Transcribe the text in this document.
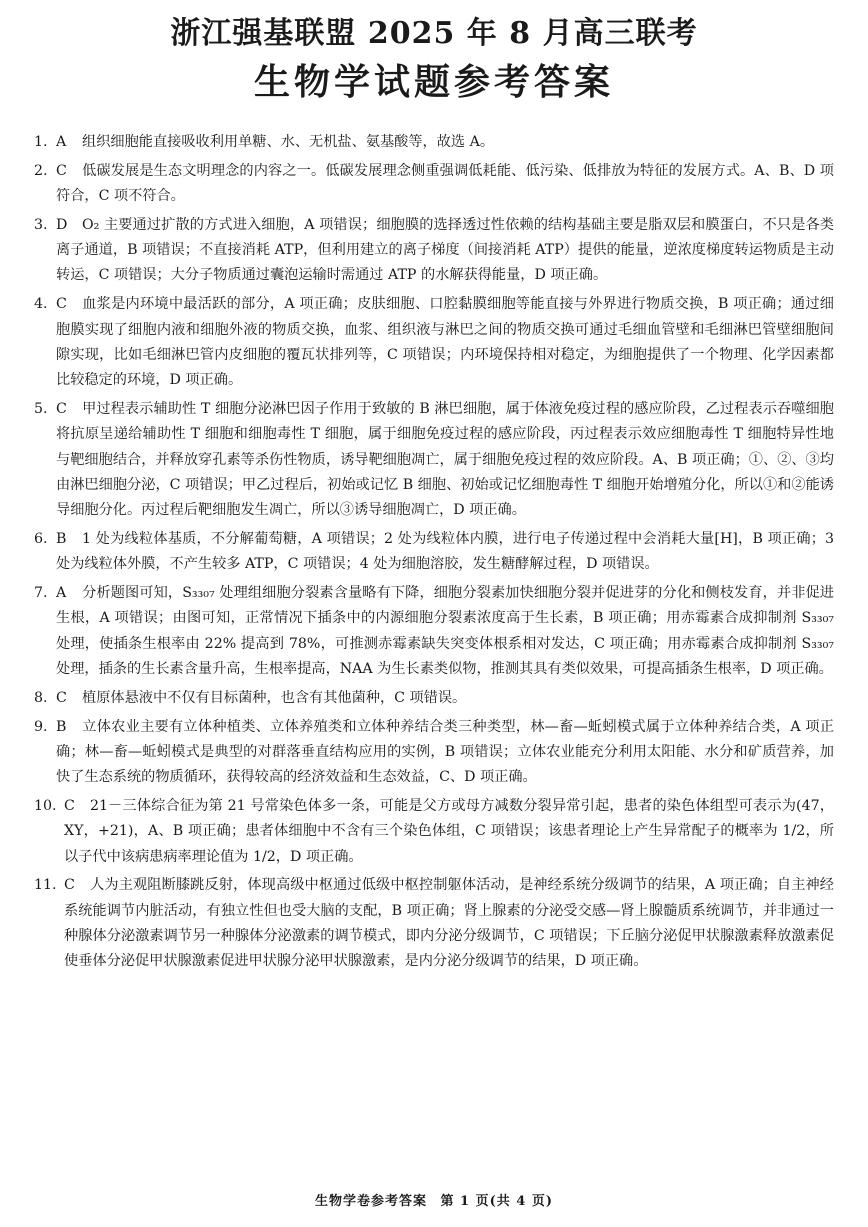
浙江强基联盟 2025 年 8 月高三联考
生物学试题参考答案

1. A 组织细胞能直接吸收利用单糖、水、无机盐、氨基酸等，故选 A。

2. C 低碳发展是生态文明理念的内容之一。低碳发展理念侧重强调低耗能、低污染、低排放为特征的发展方式。A、B、D 项符合，C 项不符合。

3. D O₂ 主要通过扩散的方式进入细胞，A 项错误；细胞膜的选择透过性依赖的结构基础主要是脂双层和膜蛋白，不只是各类离子通道，B 项错误；不直接消耗 ATP，但利用建立的离子梯度（间接消耗 ATP）提供的能量，逆浓度梯度转运物质是主动转运，C 项错误；大分子物质通过囊泡运输时需通过 ATP 的水解获得能量，D 项正确。

4. C 血浆是内环境中最活跃的部分，A 项正确；皮肤细胞、口腔黏膜细胞等能直接与外界进行物质交换，B 项正确；通过细胞膜实现了细胞内液和细胞外液的物质交换，血浆、组织液与淋巴之间的物质交换可通过毛细血管壁和毛细淋巴管壁细胞间隙实现，比如毛细淋巴管内皮细胞的覆瓦状排列等，C 项错误；内环境保持相对稳定，为细胞提供了一个物理、化学因素都比较稳定的环境，D 项正确。

5. C 甲过程表示辅助性 T 细胞分泌淋巴因子作用于致敏的 B 淋巴细胞，属于体液免疫过程的感应阶段，乙过程表示吞噬细胞将抗原呈递给辅助性 T 细胞和细胞毒性 T 细胞，属于细胞免疫过程的感应阶段，丙过程表示效应细胞毒性 T 细胞特异性地与靶细胞结合，并释放穿孔素等杀伤性物质，诱导靶细胞凋亡，属于细胞免疫过程的效应阶段。A、B 项正确；①、②、③均由淋巴细胞分泌，C 项错误；甲乙过程后，初始或记忆 B 细胞、初始或记忆细胞毒性 T 细胞开始增殖分化，所以①和②能诱导细胞分化。丙过程后靶细胞发生凋亡，所以③诱导细胞凋亡，D 项正确。

6. B 1 处为线粒体基质，不分解葡萄糖，A 项错误；2 处为线粒体内膜，进行电子传递过程中会消耗大量[H]，B 项正确；3 处为线粒体外膜，不产生较多 ATP，C 项错误；4 处为细胞溶胶，发生糖酵解过程，D 项错误。

7. A 分析题图可知，S₃₃₀₇ 处理组细胞分裂素含量略有下降，细胞分裂素加快细胞分裂并促进芽的分化和侧枝发育，并非促进生根，A 项错误；由图可知，正常情况下插条中的内源细胞分裂素浓度高于生长素，B 项正确；用赤霉素合成抑制剂 S₃₃₀₇ 处理，使插条生根率由 22% 提高到 78%，可推测赤霉素缺失突变体根系相对发达，C 项正确；用赤霉素合成抑制剂 S₃₃₀₇ 处理，插条的生长素含量升高，生根率提高，NAA 为生长素类似物，推测其具有类似效果，可提高插条生根率，D 项正确。

8. C 植原体悬液中不仅有目标菌种，也含有其他菌种，C 项错误。

9. B 立体农业主要有立体种植类、立体养殖类和立体种养结合类三种类型，林—畜—蚯蚓模式属于立体种养结合类，A 项正确；林—畜—蚯蚓模式是典型的对群落垂直结构应用的实例，B 项错误；立体农业能充分利用太阳能、水分和矿质营养，加快了生态系统的物质循环，获得较高的经济效益和生态效益，C、D 项正确。

10. C 21－三体综合征为第 21 号常染色体多一条，可能是父方或母方减数分裂异常引起，患者的染色体组型可表示为(47，XY，+21)，A、B 项正确；患者体细胞中不含有三个染色体组，C 项错误；该患者理论上产生异常配子的概率为 1/2，所以子代中该病患病率理论值为 1/2，D 项正确。

11. C 人为主观阻断膝跳反射，体现高级中枢通过低级中枢控制躯体活动，是神经系统分级调节的结果，A 项正确；自主神经系统能调节内脏活动，有独立性但也受大脑的支配，B 项正确；肾上腺素的分泌受交感—肾上腺髓质系统调节，并非通过一种腺体分泌激素调节另一种腺体分泌激素的调节模式，即内分泌分级调节，C 项错误；下丘脑分泌促甲状腺激素释放激素促使垂体分泌促甲状腺激素促进甲状腺分泌甲状腺激素，是内分泌分级调节的结果，D 项正确。

生物学卷参考答案 第 1 页(共 4 页)
